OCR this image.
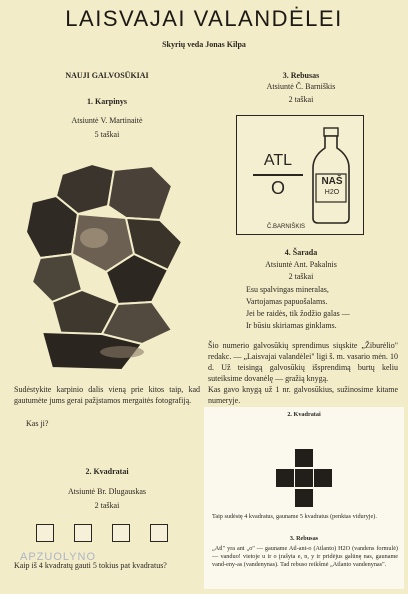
LAISVAJAI VALANDĖLEI
Skyrių veda Jonas Kilpa
NAUJI GALVOSŪKIAI
1. Karpinys
Atsiuntė V. Martinaitė
5 taškai
Sudėstykite karpinio dalis vieną prie kitos taip, kad gautumėte jums gerai pažįstamos mergaitės fotografiją.
Kas ji?
2. Kvadratai
Atsiuntė Br. Dlugauskas
2 taškai
Kaip iš 4 kvadratų gauti 5 tokius pat kvadratus?
APZUOLYNO
3. Rebusas
Atsiuntė Č. Barniškis
2 taškai
ATL
O	NAŠ
H2O
Č.BARNIŠKIS
4. Šarada
Atsiuntė Ant. Pakalnis
2 taškai
Esu spalvingas mineralas,
Vartojamas papuošalams.
Jei be raidės, tik žodžio galas —
Ir būsiu skiriamas ginklams.
Šio numerio galvosūkių sprendimus siųskite „Žiburėlio" redakc. — „Laisvajai valandėlei" ligi š. m. vasario mėn. 10 d. Už teisingą galvosūkių išsprendimą burtų keliu suteiksime dovanėlę — gražią knygą.
Kas gavo knygą už 1 nr. galvosūkius, sužinosime kitame numeryje.
2. Kvadratai
Taip sudėstę 4 kvadratus, gauname 5 kvadratus (penktas viduryje).
3. Rebusas
„Atl" yra ant „o" — gauname Atl-ant-o (Atlanto) H2O (vandens formulė) — vanduo! vietoje u ir o įrašyta e, n, y ir pridėjus galūnę nas, gauname vand-eny-as (vandenynas). Tad rebuso reikšmė „Atlanto vandenynas".
